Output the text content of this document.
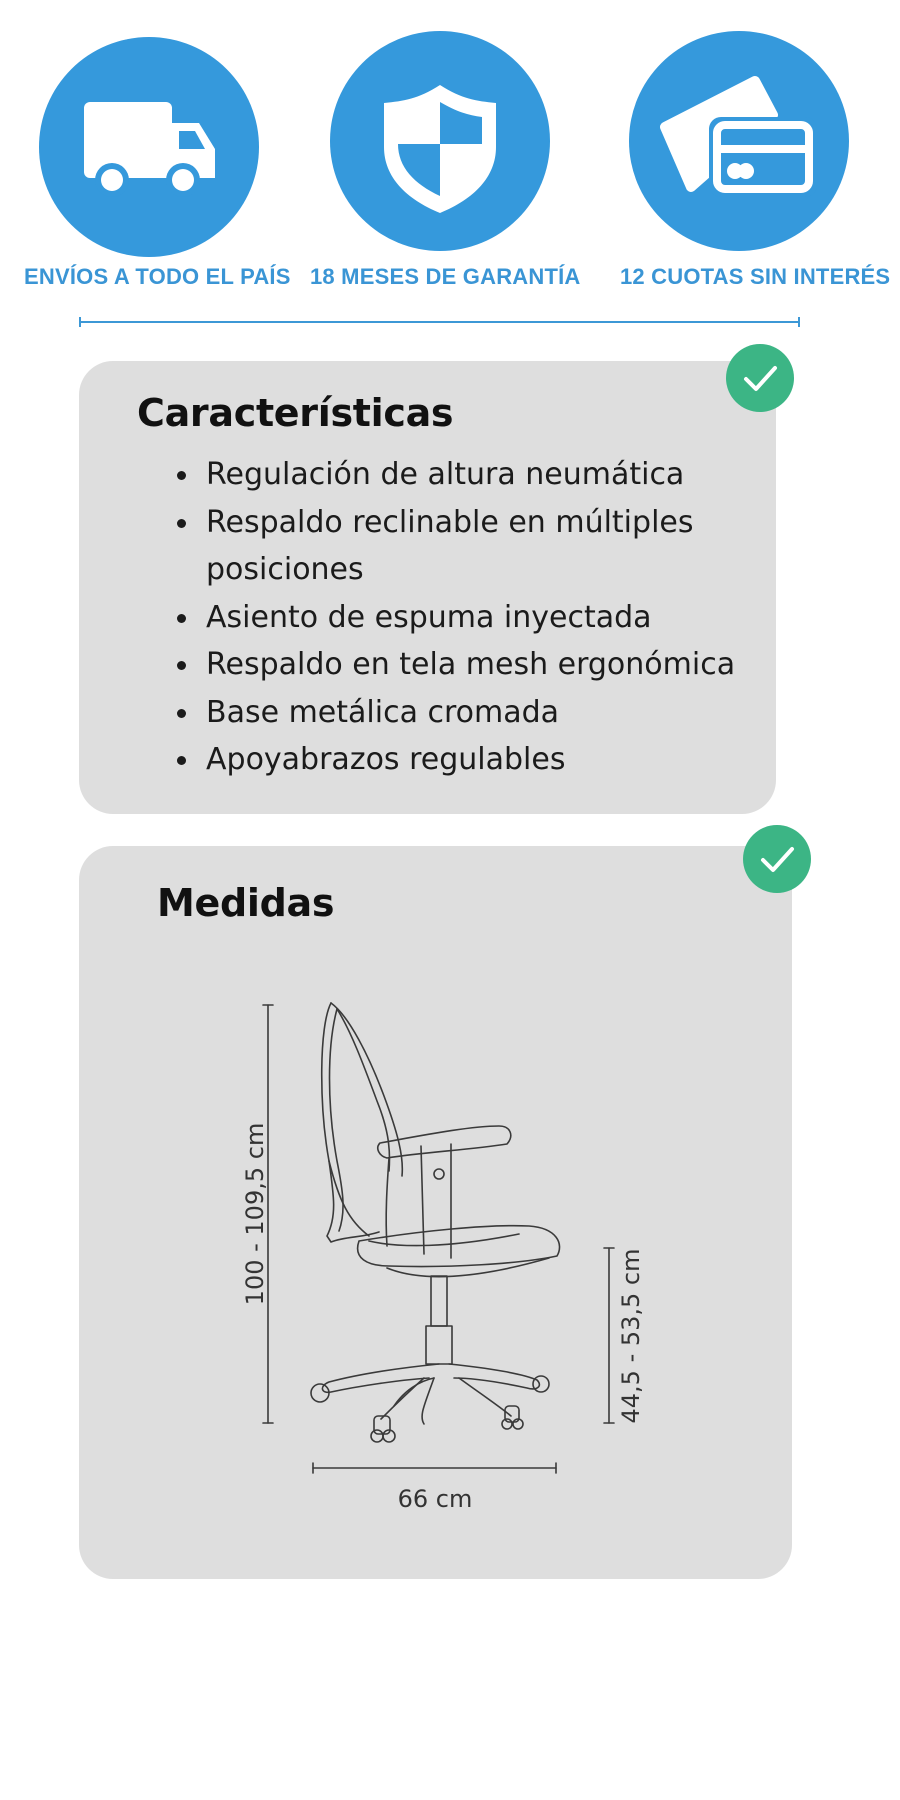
ENVÍOS A TODO EL PAÍS 18 MESES DE GARANTÍA 12 CUOTAS SIN INTERÉS
Características
Regulación de altura neumática
Respaldo reclinable en múltiples posiciones
Asiento de espuma inyectada
Respaldo en tela mesh ergonómica
Base metálica cromada
Apoyabrazos regulables
Medidas
100 - 109,5 cm
44,5 - 53,5 cm
66 cm
